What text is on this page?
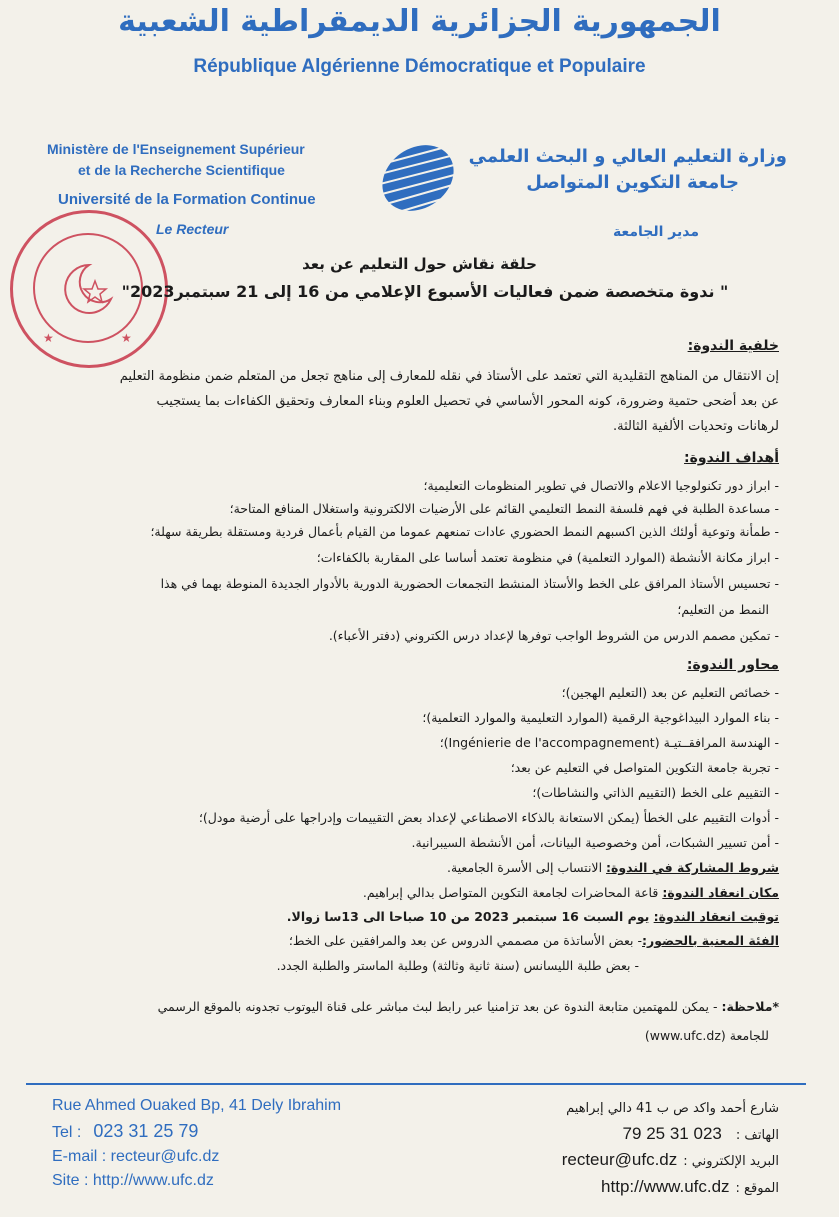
الجمهورية الجزائرية الديمقراطية الشعبية
République Algérienne Démocratique et Populaire
Ministère de l'Enseignement Supérieur
et de la Recherche Scientifique
Université de la Formation Continue
Le Recteur
وزارة التعليم العالي و البحث العلمي
جامعة التكوين المتواصل
مدير الجامعة
★	★
حلقة نقاش حول التعليم عن بعد
" ندوة متخصصة ضمن فعاليات الأسبوع الإعلامي من 16 إلى 21 سبتمبر2023"
خلفية الندوة:
إن الانتقال من المناهج التقليدية التي تعتمد على الأستاذ في نقله للمعارف إلى مناهج تجعل من المتعلم ضمن منظومة التعليم
عن بعد أضحى حتمية وضرورة، كونه المحور الأساسي في تحصيل العلوم وبناء المعارف وتحقيق الكفاءات بما يستجيب
لرهانات وتحديات الألفية الثالثة.
أهداف الندوة:
- ابراز دور تكنولوجيا الاعلام والاتصال في تطوير المنظومات التعليمية؛
- مساعدة الطلبة في فهم فلسفة النمط التعليمي القائم على الأرضيات الالكترونية واستغلال المنافع المتاحة؛
- طمأنة وتوعية أولئك الذين اكسبهم النمط الحضوري عادات تمنعهم عموما من القيام بأعمال فردية ومستقلة بطريقة سهلة؛
- ابراز مكانة الأنشطة (الموارد التعلمية) في منظومة تعتمد أساسا على المقاربة بالكفاءات؛
- تحسيس الأستاذ المرافق على الخط والأستاذ المنشط التجمعات الحضورية الدورية بالأدوار الجديدة المنوطة بهما في هذا
النمط من التعليم؛
- تمكين مصمم الدرس من الشروط الواجب توفرها لإعداد درس الكتروني (دفتر الأعباء).
محاور الندوة:
- خصائص التعليم عن بعد (التعليم الهجين)؛
- بناء الموارد البيداغوجية الرقمية (الموارد التعليمية والموارد التعلمية)؛
- الهندسة المرافقــتيـة (Ingénierie de l'accompagnement)؛
- تجربة جامعة التكوين المتواصل في التعليم عن بعد؛
- التقييم على الخط (التقييم الذاتي والنشاطات)؛
- أدوات التقييم على الخطأ (يمكن الاستعانة بالذكاء الاصطناعي لإعداد بعض التقييمات وإدراجها على أرضية مودل)؛
- أمن تسيير الشبكات، أمن وخصوصية البيانات، أمن الأنشطة السيبرانية.
شروط المشاركة في الندوة: الانتساب إلى الأسرة الجامعية.
مكان انعقاد الندوة: قاعة المحاضرات لجامعة التكوين المتواصل بدالي إبراهيم.
توقيت انعقاد الندوة: يوم السبت 16 سبتمبر 2023 من 10 صباحا الى 13سا زوالا.
الفئة المعنية بالحضور:- بعض الأساتذة من مصممي الدروس عن بعد والمرافقين على الخط؛
- بعض طلبة الليسانس (سنة ثانية وثالثة) وطلبة الماستر والطلبة الجدد.
*ملاحظة: - يمكن للمهتمين متابعة الندوة عن بعد تزامنيا عبر رابط لبث مباشر على قناة اليوتوب تجدونه بالموقع الرسمي
للجامعة (www.ufc.dz)
Rue Ahmed Ouaked Bp, 41 Dely Ibrahim
Tel : 023 31 25 79
E-mail : recteur@ufc.dz
Site : http://www.ufc.dz
شارع أحمد واكد ص ب 41 دالي إبراهيم
الهاتف :023 31 25 79
البريد الإلكتروني :recteur@ufc.dz
الموقع :http://www.ufc.dz
